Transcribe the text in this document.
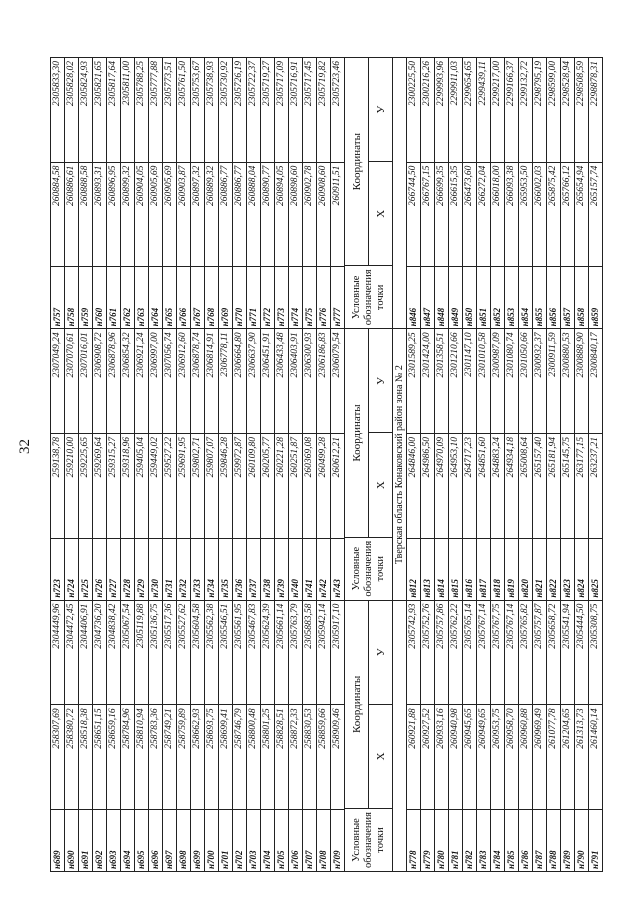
32
н689
258307,69
2304449,96
н690
258380,72
2304472,45
н691
258518,38
2304406,91
н692
258651,15
2304736,20
н693
258659,16
2304838,42
н694
258784,96
2305067,54
н695
258810,94
2305119,88
н696
258783,36
2305136,75
н697
258749,21
2305517,36
н698
258759,89
2305527,62
н699
258662,93
2305604,58
н700
258693,75
2305562,38
н701
258699,41
2305546,51
н702
258746,79
2305561,95
н703
258800,48
2305467,83
н704
258801,25
2305624,39
н705
258828,51
2305661,14
н706
258872,33
2305763,79
н707
258830,53
2305883,58
н708
258859,66
2305942,14
н709
258909,46
2305917,10
Условные обозначения точки
Координаты
X
У
н778
260921,88
2305742,93
н779
260927,52
2305752,76
н780
260933,16
2305757,86
н781
260940,98
2305762,22
н782
260945,65
2305765,14
н783
260949,65
2305767,14
н784
260953,75
2305767,75
н785
260958,70
2305767,14
н786
260960,88
2305765,82
н787
260969,49
2305757,87
н788
261077,78
2305658,72
н789
261204,65
2305541,94
н790
261313,73
2305444,50
н791
261460,14
2305308,75
н723
259138,78
2307049,24
н724
259210,00
2307070,61
н725
259225,65
2307016,01
н726
259269,64
2306908,72
н727
259315,27
2306878,96
н728
259318,96
2306854,32
н729
259405,04
2306921,24
н730
259449,02
2306997,00
н731
259527,22
2307056,74
н732
259691,95
2306912,60
н733
259802,71
2306878,74
н734
259807,07
2306814,91
н735
259846,28
2306778,11
н736
259972,87
2306664,80
н737
260109,80
2306637,90
н738
260205,77
2306451,91
н739
260221,28
2306433,48
н740
260251,87
2306403,91
н741
260369,08
2306300,93
н742
260499,28
2306186,83
н743
260612,21
2306079,54
Условные обозначения точки
Координаты
X
У Тверская область Конаковский район зона № 2
н812
264846,00
2301589,25
н813
264986,50
2301424,00
н814
264970,09
2301358,51
н815
264953,10
2301210,66
н816
264717,23
2301147,10
н817
264851,60
2301010,58
н818
264883,24
2300987,09
н819
264934,18
2301080,74
н820
265008,64
2301050,66
н821
265157,40
2300932,37
н822
265181,94
2300911,59
н823
265145,75
2300880,53
н824
263177,15
2300888,90
н825
263237,21
2300840,17
н757
260884,58
2305833,30
н758
260886,61
2305828,02
н759
260888,58
2305824,93
н760
260893,31
2305821,65
н761
260896,95
2305817,64
н762
260899,32
2305811,00
н763
260904,05
2305788,25
н764
260905,69
2305777,88
н765
260905,69
2305773,51
н766
260903,87
2305761,50
н767
260897,32
2305753,67
н768
260889,32
2305738,93
н769
260886,77
2305730,92
н770
260886,77
2305726,19
н771
260888,04
2305722,37
н772
260890,77
2305719,27
н773
260894,05
2305717,09
н774
260898,60
2305716,91
н775
260902,78
2305717,45
н776
260908,60
2305719,82
н777
260911,51
2305723,46
Условные обозначения точки
Координаты
X
У
н846
266744,50
2300225,50
н847
266767,15
2300216,26
н848
266699,35
2299993,96
н849
266615,35
2299911,03
н850
266473,60
2299654,65
н851
266272,04
2299439,11
н852
266018,00
2299217,00
н853
266093,38
2299166,37
н854
265953,50
2299132,72
н855
266002,03
2298795,19
н856
265875,42
2298599,00
н857
265766,12
2298528,94
н858
265654,94
2298508,59
н859
265157,74
2298878,31
